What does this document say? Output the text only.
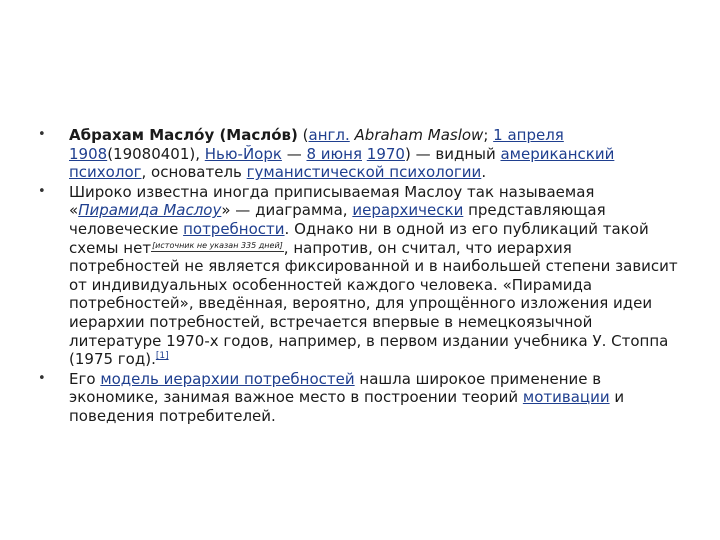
• Абрахам Масло́у (Масло́в) (англ. Abraham Maslow; 1 апреля 1908(19080401), Нью-Йорк — 8 июня 1970) — видный американский психолог, основатель гуманистической психологии.
• Широко известна иногда приписываемая Маслоу так называемая «Пирамида Маслоу» — диаграмма, иерархически представляющая человеческие потребности. Однако ни в одной из его публикаций такой схемы нет[источник не указан 335 дней], напротив, он считал, что иерархия потребностей не является фиксированной и в наибольшей степени зависит от индивидуальных особенностей каждого человека. «Пирамида потребностей», введённая, вероятно, для упрощённого изложения идеи иерархии потребностей, встречается впервые в немецкоязычной литературе 1970-х годов, например, в первом издании учебника У. Стоппа (1975 год).[1]
• Его модель иерархии потребностей нашла широкое применение в экономике, занимая важное место в построении теорий мотивации и поведения потребителей.
